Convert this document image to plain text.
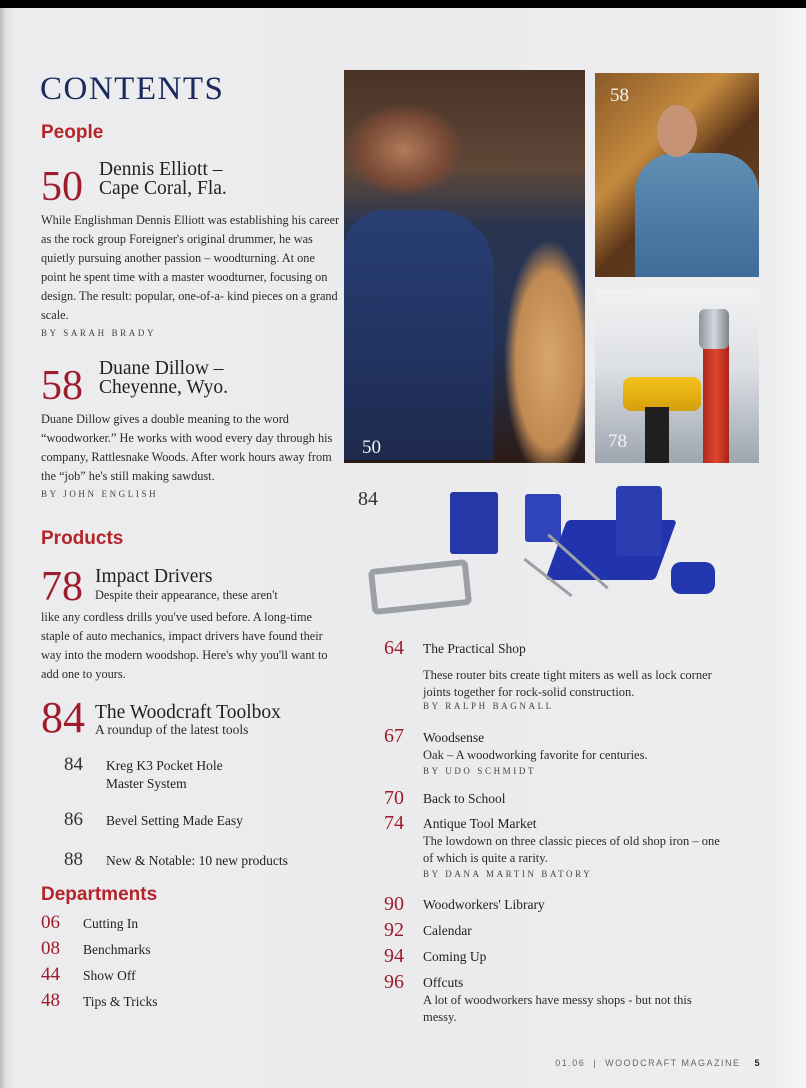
CONTENTS
People
50 Dennis Elliott –
Cape Coral, Fla.
While Englishman Dennis Elliott was establishing his career as the rock group Foreigner's original drummer, he was quietly pursuing another passion – woodturning. At one point he spent time with a master woodturner, focusing on design. The result: popular, one-of-a- kind pieces on a grand scale.
BY SARAH BRADY
58 Duane Dillow –
Cheyenne, Wyo.
Duane Dillow gives a double meaning to the word “woodworker.” He works with wood every day through his company, Rattlesnake Woods. After work hours away from the “job” he's still making sawdust.
BY JOHN ENGLISH
Products
78 Impact Drivers
Despite their appearance, these aren't
like any cordless drills you've used before. A long-time staple of auto mechanics, impact drivers have found their way into the modern woodshop. Here's why you'll want to add one to yours.
84 The Woodcraft Toolbox
A roundup of the latest tools
84	Kreg K3 Pocket Hole
Master System
86	Bevel Setting Made Easy
88	New & Notable: 10 new products
Departments
06	Cutting In
08	Benchmarks
44	Show Off
48	Tips & Tricks
50
58
78
84
64	The Practical Shop
These router bits create tight miters as well as lock corner joints together for rock-solid construction.
BY RALPH BAGNALL
67	Woodsense
Oak – A woodworking favorite for centuries.
BY UDO SCHMIDT
70	Back to School
74	Antique Tool Market
The lowdown on three classic pieces of old shop iron – one of which is quite a rarity.
BY DANA MARTIN BATORY
90	Woodworkers' Library
92	Calendar
94	Coming Up
96	Offcuts
A lot of woodworkers have messy shops - but not this messy.
01.06 | WOODCRAFT MAGAZINE 5
